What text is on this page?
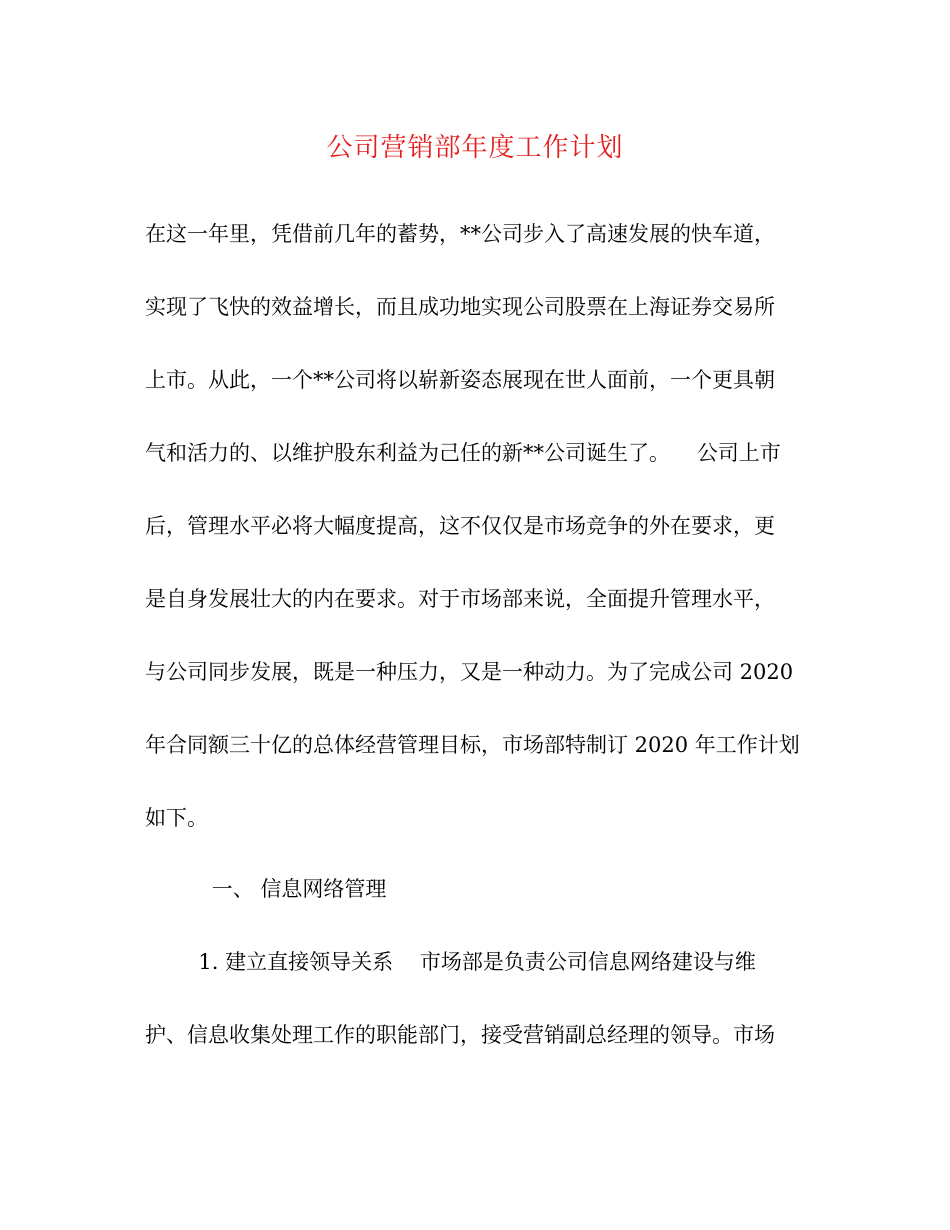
公司营销部年度工作计划
在这一年里，凭借前几年的蓄势，**公司步入了高速发展的快车道，
实现了飞快的效益增长，而且成功地实现公司股票在上海证券交易所
上市。从此，一个**公司将以崭新姿态展现在世人面前，一个更具朝
气和活力的、以维护股东利益为己任的新**公司诞生了。    公司上市
后，管理水平必将大幅度提高，这不仅仅是市场竞争的外在要求，更
是自身发展壮大的内在要求。对于市场部来说，全面提升管理水平，
与公司同步发展，既是一种压力，又是一种动力。为了完成公司 2020
年合同额三十亿的总体经营管理目标，市场部特制订 2020 年工作计划
如下。
一、 信息网络管理
1. 建立直接领导关系    市场部是负责公司信息网络建设与维
护、信息收集处理工作的职能部门，接受营销副总经理的领导。市场
